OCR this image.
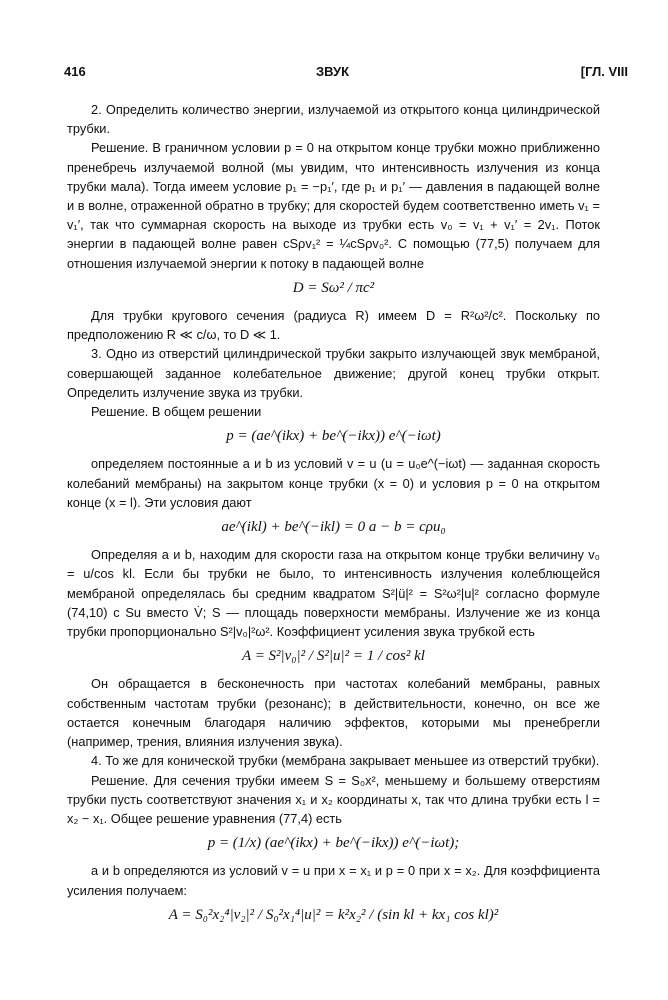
416	ЗВУК	[ГЛ. VIII

2. Определить количество энергии, излучаемой из открытого конца цилиндрической трубки.

Решение. В граничном условии p = 0 на открытом конце трубки можно приближенно пренебречь излучаемой волной (мы увидим, что интенсивность излучения из конца трубки мала). Тогда имеем условие p₁ = −p₁′, где p₁ и p₁′ — давления в падающей волне и в волне, отраженной обратно в трубку; для скоростей будем соответственно иметь v₁ = v₁′, так что суммарная скорость на выходе из трубки есть v₀ = v₁ + v₁′ = 2v₁. Поток энергии в падающей волне равен cSρv₁² = ¼cSρv₀². С помощью (77,5) получаем для отношения излучаемой энергии к потоку в падающей волне

D = Sω² / πc²

Для трубки кругового сечения (радиуса R) имеем D = R²ω²/c². Поскольку по предположению R ≪ c/ω, то D ≪ 1.

3. Одно из отверстий цилиндрической трубки закрыто излучающей звук мембраной, совершающей заданное колебательное движение; другой конец трубки открыт. Определить излучение звука из трубки.

Решение. В общем решении

p = (ae^(ikx) + be^(−ikx)) e^(−iωt)

определяем постоянные a и b из условий v = u (u = u₀e^(−iωt) — заданная скорость колебаний мембраны) на закрытом конце трубки (x = 0) и условия p = 0 на открытом конце (x = l). Эти условия дают

ae^(ikl) + be^(−ikl) = 0 a − b = cρu₀

Определяя a и b, находим для скорости газа на открытом конце трубки величину v₀ = u/cos kl. Если бы трубки не было, то интенсивность излучения колеблющейся мембраной определялась бы средним квадратом S²|ü|² = S²ω²|u|² согласно формуле (74,10) с Su вместо V̇; S — площадь поверхности мембраны. Излучение же из конца трубки пропорционально S²|v₀|²ω². Коэффициент усиления звука трубкой есть

A = S²|v₀|² / S²|u|² = 1 / cos² kl

Он обращается в бесконечность при частотах колебаний мембраны, равных собственным частотам трубки (резонанс); в действительности, конечно, он все же остается конечным благодаря наличию эффектов, которыми мы пренебрегли (например, трения, влияния излучения звука).

4. То же для конической трубки (мембрана закрывает меньшее из отверстий трубки).

Решение. Для сечения трубки имеем S = S₀x², меньшему и большему отверстиям трубки пусть соответствуют значения x₁ и x₂ координаты x, так что длина трубки есть l = x₂ − x₁. Общее решение уравнения (77,4) есть

p = (1/x) (ae^(ikx) + be^(−ikx)) e^(−iωt);

a и b определяются из условий v = u при x = x₁ и p = 0 при x = x₂. Для коэффициента усиления получаем:

A = S₀²x₂⁴|v₂|² / S₀²x₁⁴|u|² = k²x₂² / (sin kl + kx₁ cos kl)²
